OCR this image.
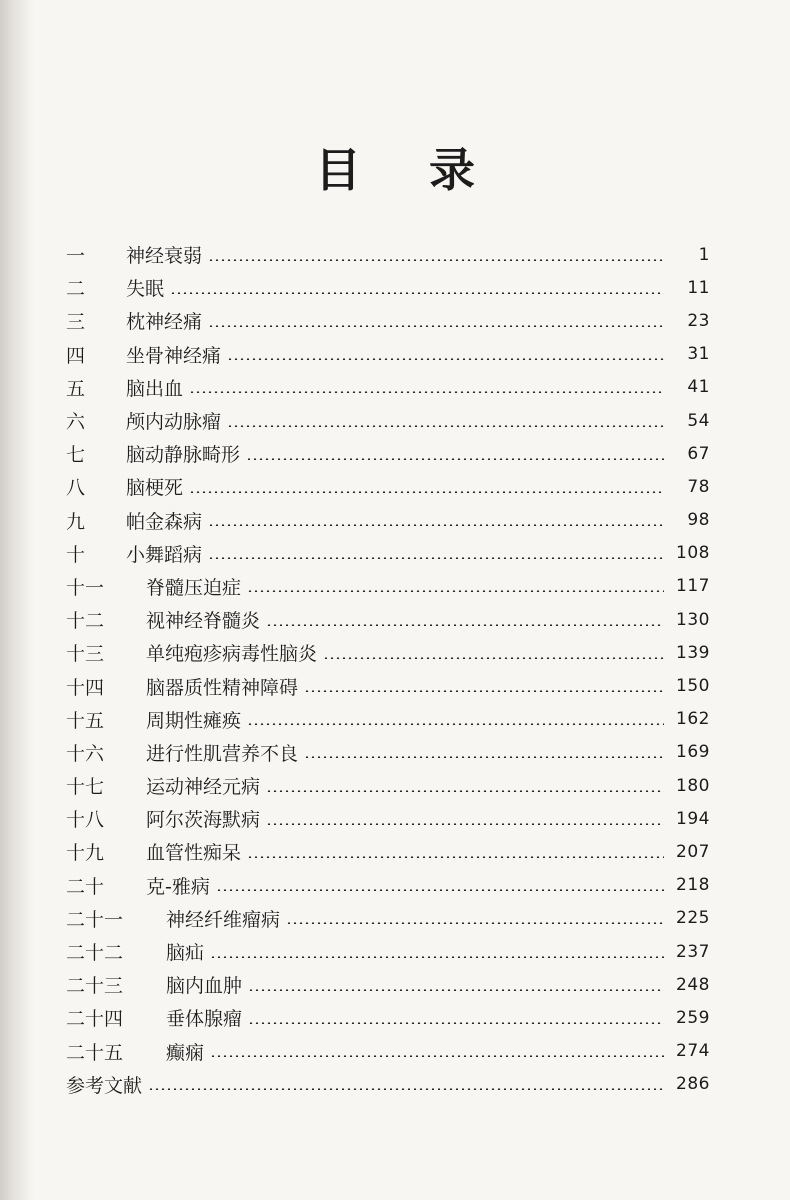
目 录
一	神经衰弱	1
二	失眠	11
三	枕神经痛	23
四	坐骨神经痛	31
五	脑出血	41
六	颅内动脉瘤	54
七	脑动静脉畸形	67
八	脑梗死	78
九	帕金森病	98
十	小舞蹈病	108
十一	脊髓压迫症	117
十二	视神经脊髓炎	130
十三	单纯疱疹病毒性脑炎	139
十四	脑器质性精神障碍	150
十五	周期性瘫痪	162
十六	进行性肌营养不良	169
十七	运动神经元病	180
十八	阿尔茨海默病	194
十九	血管性痴呆	207
二十	克-雅病	218
二十一	神经纤维瘤病	225
二十二	脑疝	237
二十三	脑内血肿	248
二十四	垂体腺瘤	259
二十五	癫痫	274
参考文献	286
